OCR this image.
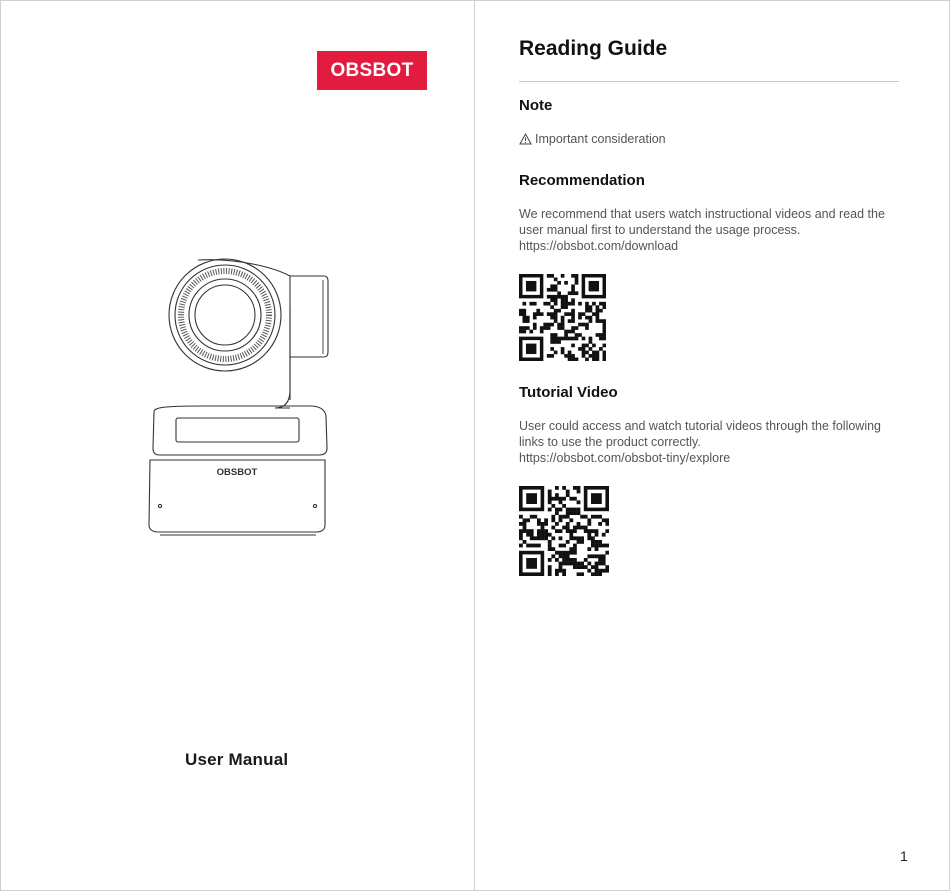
OBSBOT
OBSBOT
User Manual
Reading Guide
Note
Important consideration
Recommendation
We recommend that users watch instructional videos and read the
user manual first to understand the usage process.
https://obsbot.com/download
Tutorial Video
User could access and watch tutorial videos through the following
links to use the product correctly.
https://obsbot.com/obsbot-tiny/explore
1
